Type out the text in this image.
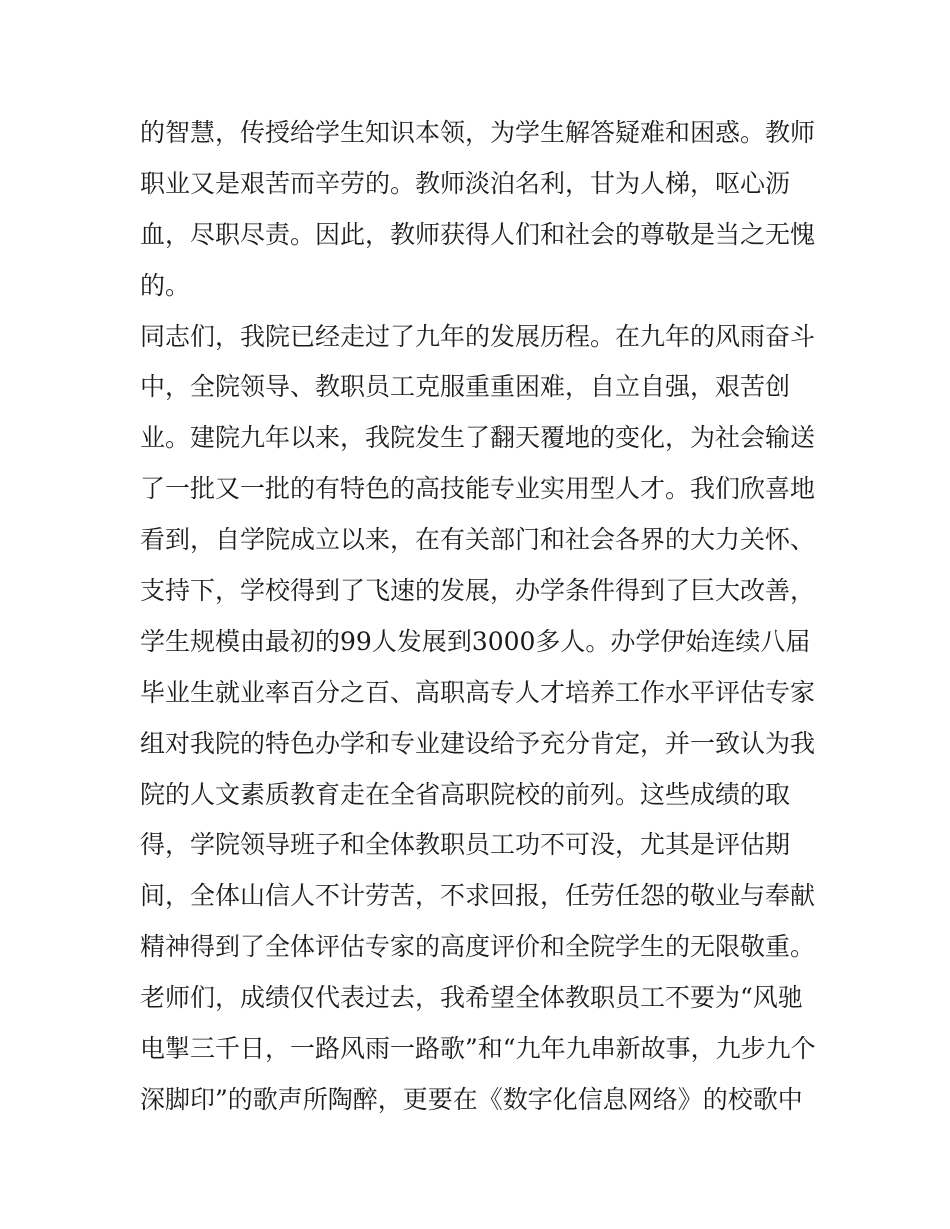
的智慧，传授给学生知识本领，为学生解答疑难和困惑。教师
职业又是艰苦而辛劳的。教师淡泊名利，甘为人梯，呕心沥
血，尽职尽责。因此，教师获得人们和社会的尊敬是当之无愧
的。
同志们，我院已经走过了九年的发展历程。在九年的风雨奋斗
中，全院领导、教职员工克服重重困难，自立自强，艰苦创
业。建院九年以来，我院发生了翻天覆地的变化，为社会输送
了一批又一批的有特色的高技能专业实用型人才。我们欣喜地
看到，自学院成立以来，在有关部门和社会各界的大力关怀、
支持下，学校得到了飞速的发展，办学条件得到了巨大改善，
学生规模由最初的99人发展到3000多人。办学伊始连续八届
毕业生就业率百分之百、高职高专人才培养工作水平评估专家
组对我院的特色办学和专业建设给予充分肯定，并一致认为我
院的人文素质教育走在全省高职院校的前列。这些成绩的取
得，学院领导班子和全体教职员工功不可没，尤其是评估期
间，全体山信人不计劳苦，不求回报，任劳任怨的敬业与奉献
精神得到了全体评估专家的高度评价和全院学生的无限敬重。
老师们，成绩仅代表过去，我希望全体教职员工不要为“风驰
电掣三千日，一路风雨一路歌”和“九年九串新故事，九步九个
深脚印”的歌声所陶醉，更要在《数字化信息网络》的校歌中
